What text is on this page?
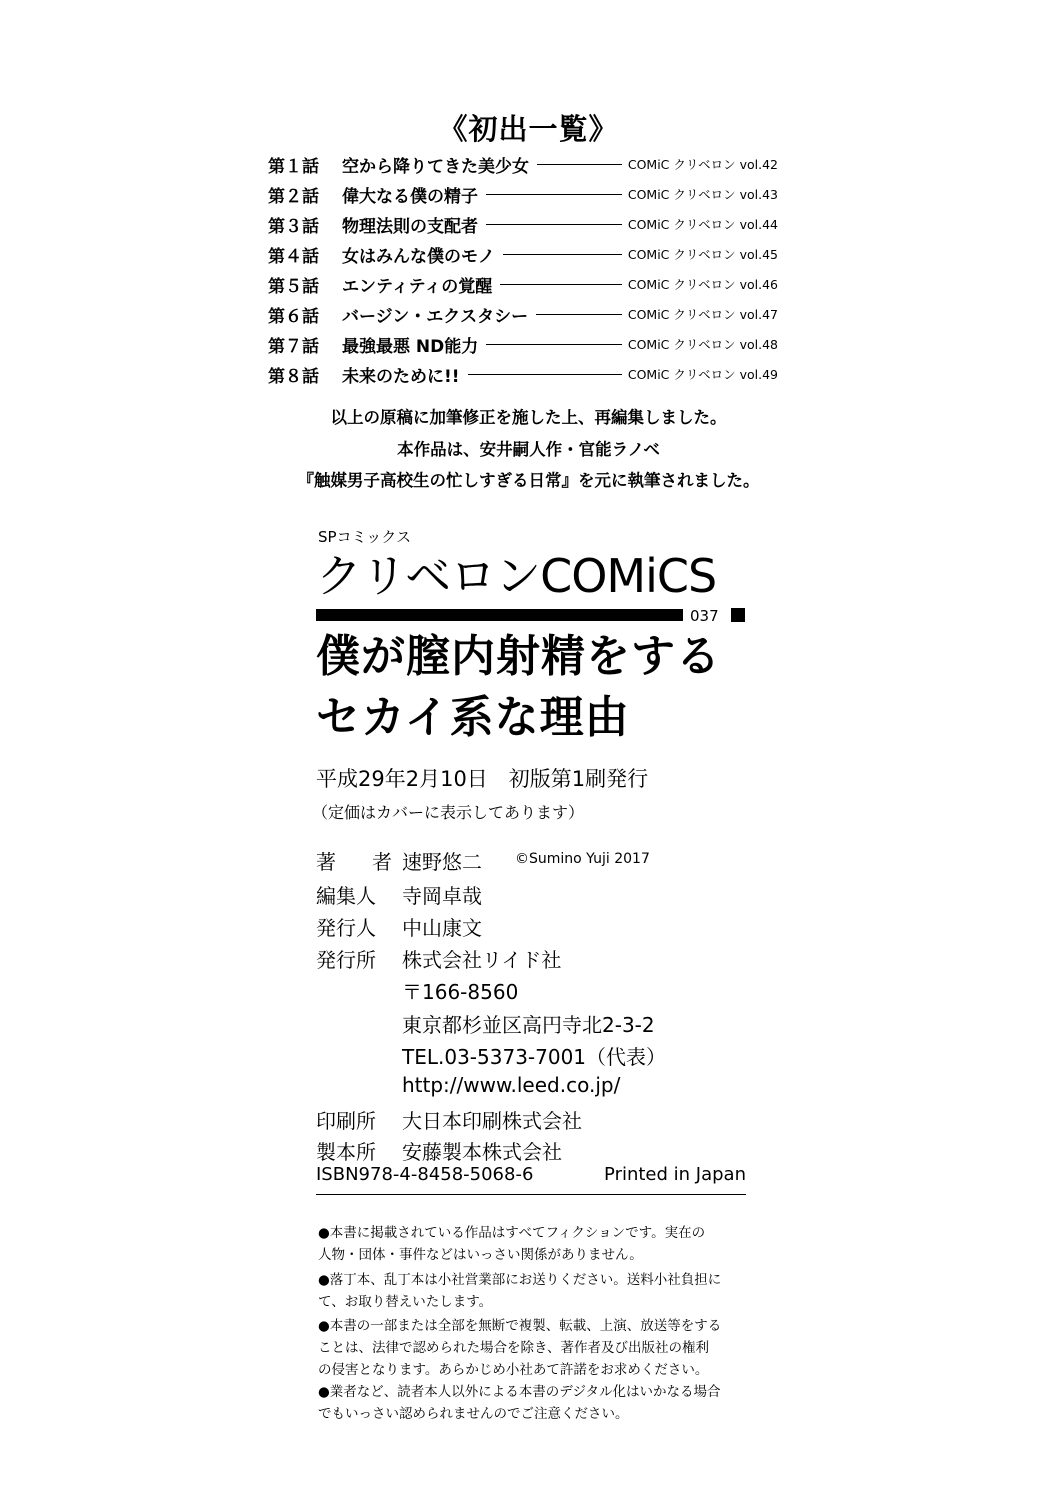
《初出一覧》
第１話	空から降りてきた美少女	COMiC クリベロン vol.42
第２話	偉大なる僕の精子	COMiC クリベロン vol.43
第３話	物理法則の支配者	COMiC クリベロン vol.44
第４話	女はみんな僕のモノ	COMiC クリベロン vol.45
第５話	エンティティの覚醒	COMiC クリベロン vol.46
第６話	バージン・エクスタシー	COMiC クリベロン vol.47
第７話	最強最悪 ND能力	COMiC クリベロン vol.48
第８話	未来のために!!	COMiC クリベロン vol.49
以上の原稿に加筆修正を施した上、再編集しました。
本作品は、安井嗣人作・官能ラノベ
『触媒男子高校生の忙しすぎる日常』を元に執筆されました。
SPコミックス
クリベロンCOMiCS
037
僕が膣内射精をする
セカイ系な理由
平成29年2月10日　初版第1刷発行
（定価はカバーに表示してあります）
著 者 速野悠二 ©Sumino Yuji 2017
編集人	寺岡卓哉
発行人	中山康文
発行所	株式会社リイド社
〒166-8560
東京都杉並区高円寺北2-3-2
TEL.03-5373-7001（代表）
http://www.leed.co.jp/
印刷所	大日本印刷株式会社
製本所	安藤製本株式会社
ISBN978-4-8458-5068-6	Printed in Japan
●本書に掲載されている作品はすべてフィクションです。実在の
人物・団体・事件などはいっさい関係がありません。
●落丁本、乱丁本は小社営業部にお送りください。送料小社負担に
て、お取り替えいたします。
●本書の一部または全部を無断で複製、転載、上演、放送等をする
ことは、法律で認められた場合を除き、著作者及び出版社の権利
の侵害となります。あらかじめ小社あて許諾をお求めください。
●業者など、読者本人以外による本書のデジタル化はいかなる場合
でもいっさい認められませんのでご注意ください。
